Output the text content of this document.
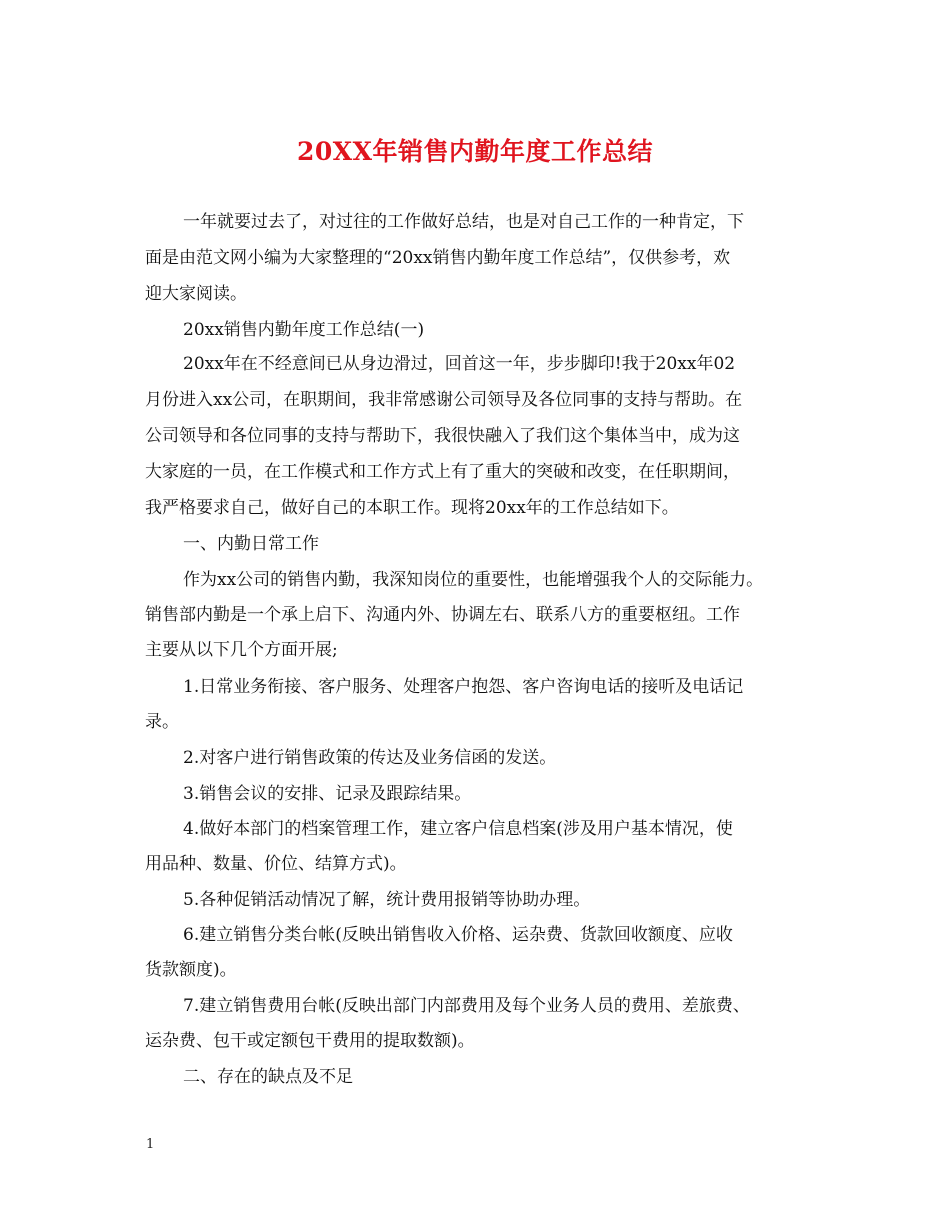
20XX年销售内勤年度工作总结
一年就要过去了，对过往的工作做好总结，也是对自己工作的一种肯定，下
面是由范文网小编为大家整理的“20xx销售内勤年度工作总结”，仅供参考，欢
迎大家阅读。
20xx销售内勤年度工作总结(一)
20xx年在不经意间已从身边滑过，回首这一年，步步脚印!我于20xx年02
月份进入xx公司，在职期间，我非常感谢公司领导及各位同事的支持与帮助。在
公司领导和各位同事的支持与帮助下，我很快融入了我们这个集体当中，成为这
大家庭的一员，在工作模式和工作方式上有了重大的突破和改变，在任职期间，
我严格要求自己，做好自己的本职工作。现将20xx年的工作总结如下。
一、内勤日常工作
作为xx公司的销售内勤，我深知岗位的重要性，也能增强我个人的交际能力。
销售部内勤是一个承上启下、沟通内外、协调左右、联系八方的重要枢纽。工作
主要从以下几个方面开展;
1.日常业务衔接、客户服务、处理客户抱怨、客户咨询电话的接听及电话记
录。
2.对客户进行销售政策的传达及业务信函的发送。
3.销售会议的安排、记录及跟踪结果。
4.做好本部门的档案管理工作，建立客户信息档案(涉及用户基本情况，使
用品种、数量、价位、结算方式)。
5.各种促销活动情况了解，统计费用报销等协助办理。
6.建立销售分类台帐(反映出销售收入价格、运杂费、货款回收额度、应收
货款额度)。
7.建立销售费用台帐(反映出部门内部费用及每个业务人员的费用、差旅费、
运杂费、包干或定额包干费用的提取数额)。
二、存在的缺点及不足
1
